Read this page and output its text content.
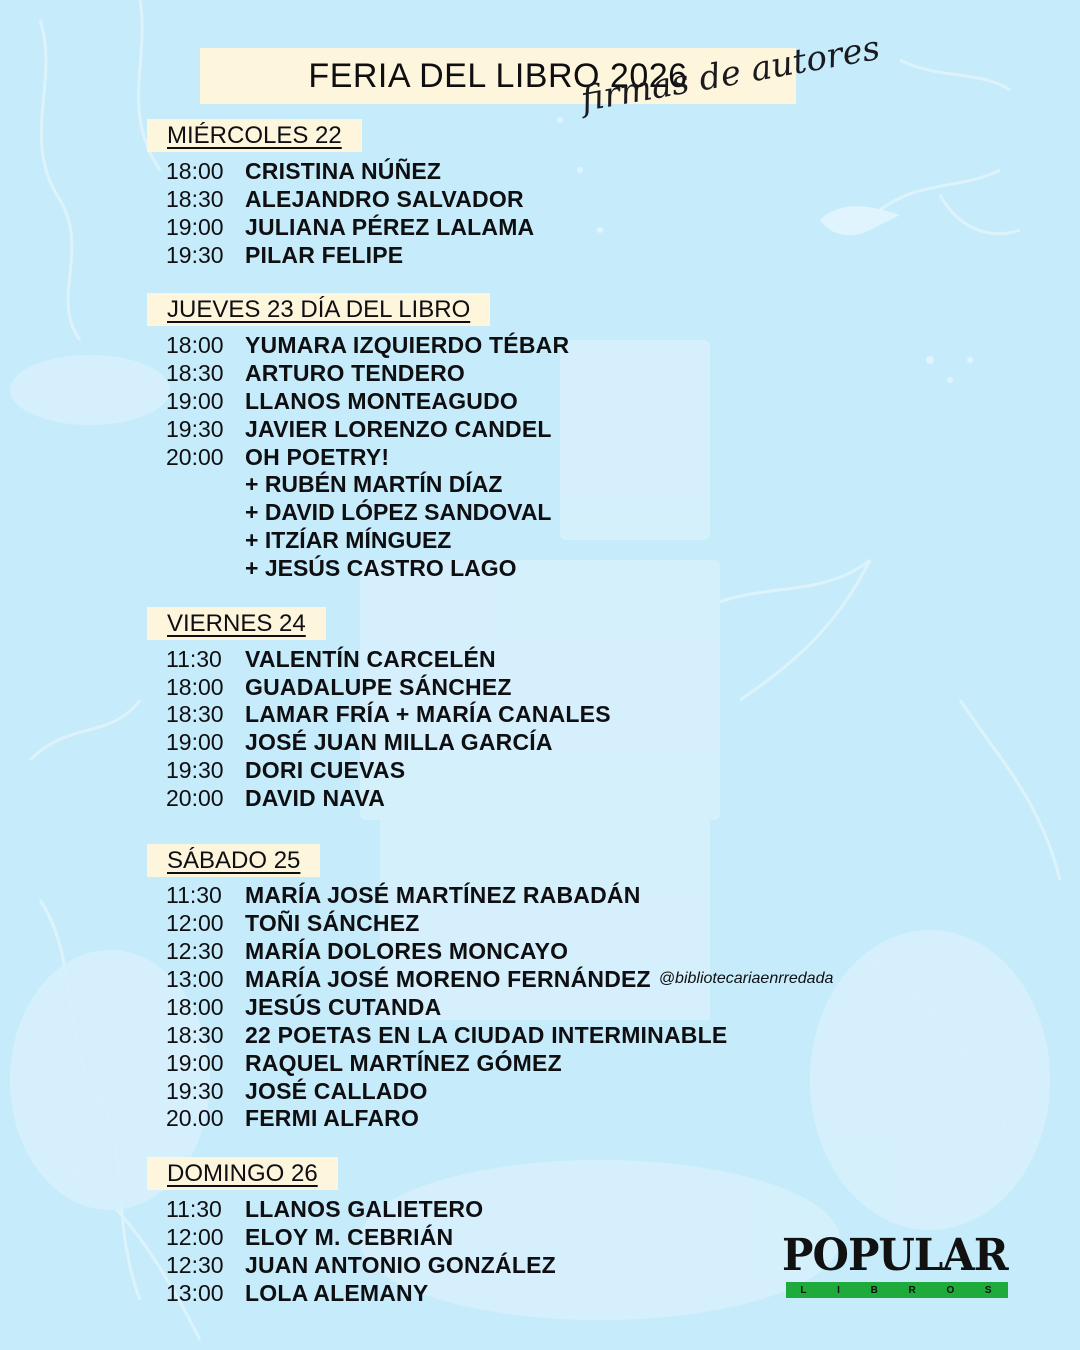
FERIA DEL LIBRO 2026
firmas de autores
MIÉRCOLES 22
18:00 CRISTINA NÚÑEZ
18:30 ALEJANDRO SALVADOR
19:00 JULIANA PÉREZ LALAMA
19:30 PILAR FELIPE
JUEVES 23 DÍA DEL LIBRO
18:00 YUMARA IZQUIERDO TÉBAR
18:30 ARTURO TENDERO
19:00 LLANOS MONTEAGUDO
19:30 JAVIER LORENZO CANDEL
20:00 OH POETRY!
+ RUBÉN MARTÍN DÍAZ
+ DAVID LÓPEZ SANDOVAL
+ ITZÍAR MÍNGUEZ
+ JESÚS CASTRO LAGO
VIERNES 24
11:30	VALENTÍN CARCELÉN
18:00 GUADALUPE SÁNCHEZ
18:30 LAMAR FRÍA + MARÍA CANALES
19:00 JOSÉ JUAN MILLA GARCÍA
19:30 DORI CUEVAS
20:00 DAVID NAVA
SÁBADO 25
11:30	MARÍA JOSÉ MARTÍNEZ RABADÁN
12:00 TOÑI SÁNCHEZ
12:30 MARÍA DOLORES MONCAYO
13:00 MARÍA JOSÉ MORENO FERNÁNDEZ @bibliotecariaenrredada
18:00 JESÚS CUTANDA
18:30 22 POETAS EN LA CIUDAD INTERMINABLE
19:00 RAQUEL MARTÍNEZ GÓMEZ
19:30 JOSÉ CALLADO
20.00 FERMI ALFARO
DOMINGO 26
11:30	LLANOS GALIETERO
12:00 ELOY M. CEBRIÁN
12:30 JUAN ANTONIO GONZÁLEZ
13:00 LOLA ALEMANY
POPULAR
L	I	B	R	O	S
